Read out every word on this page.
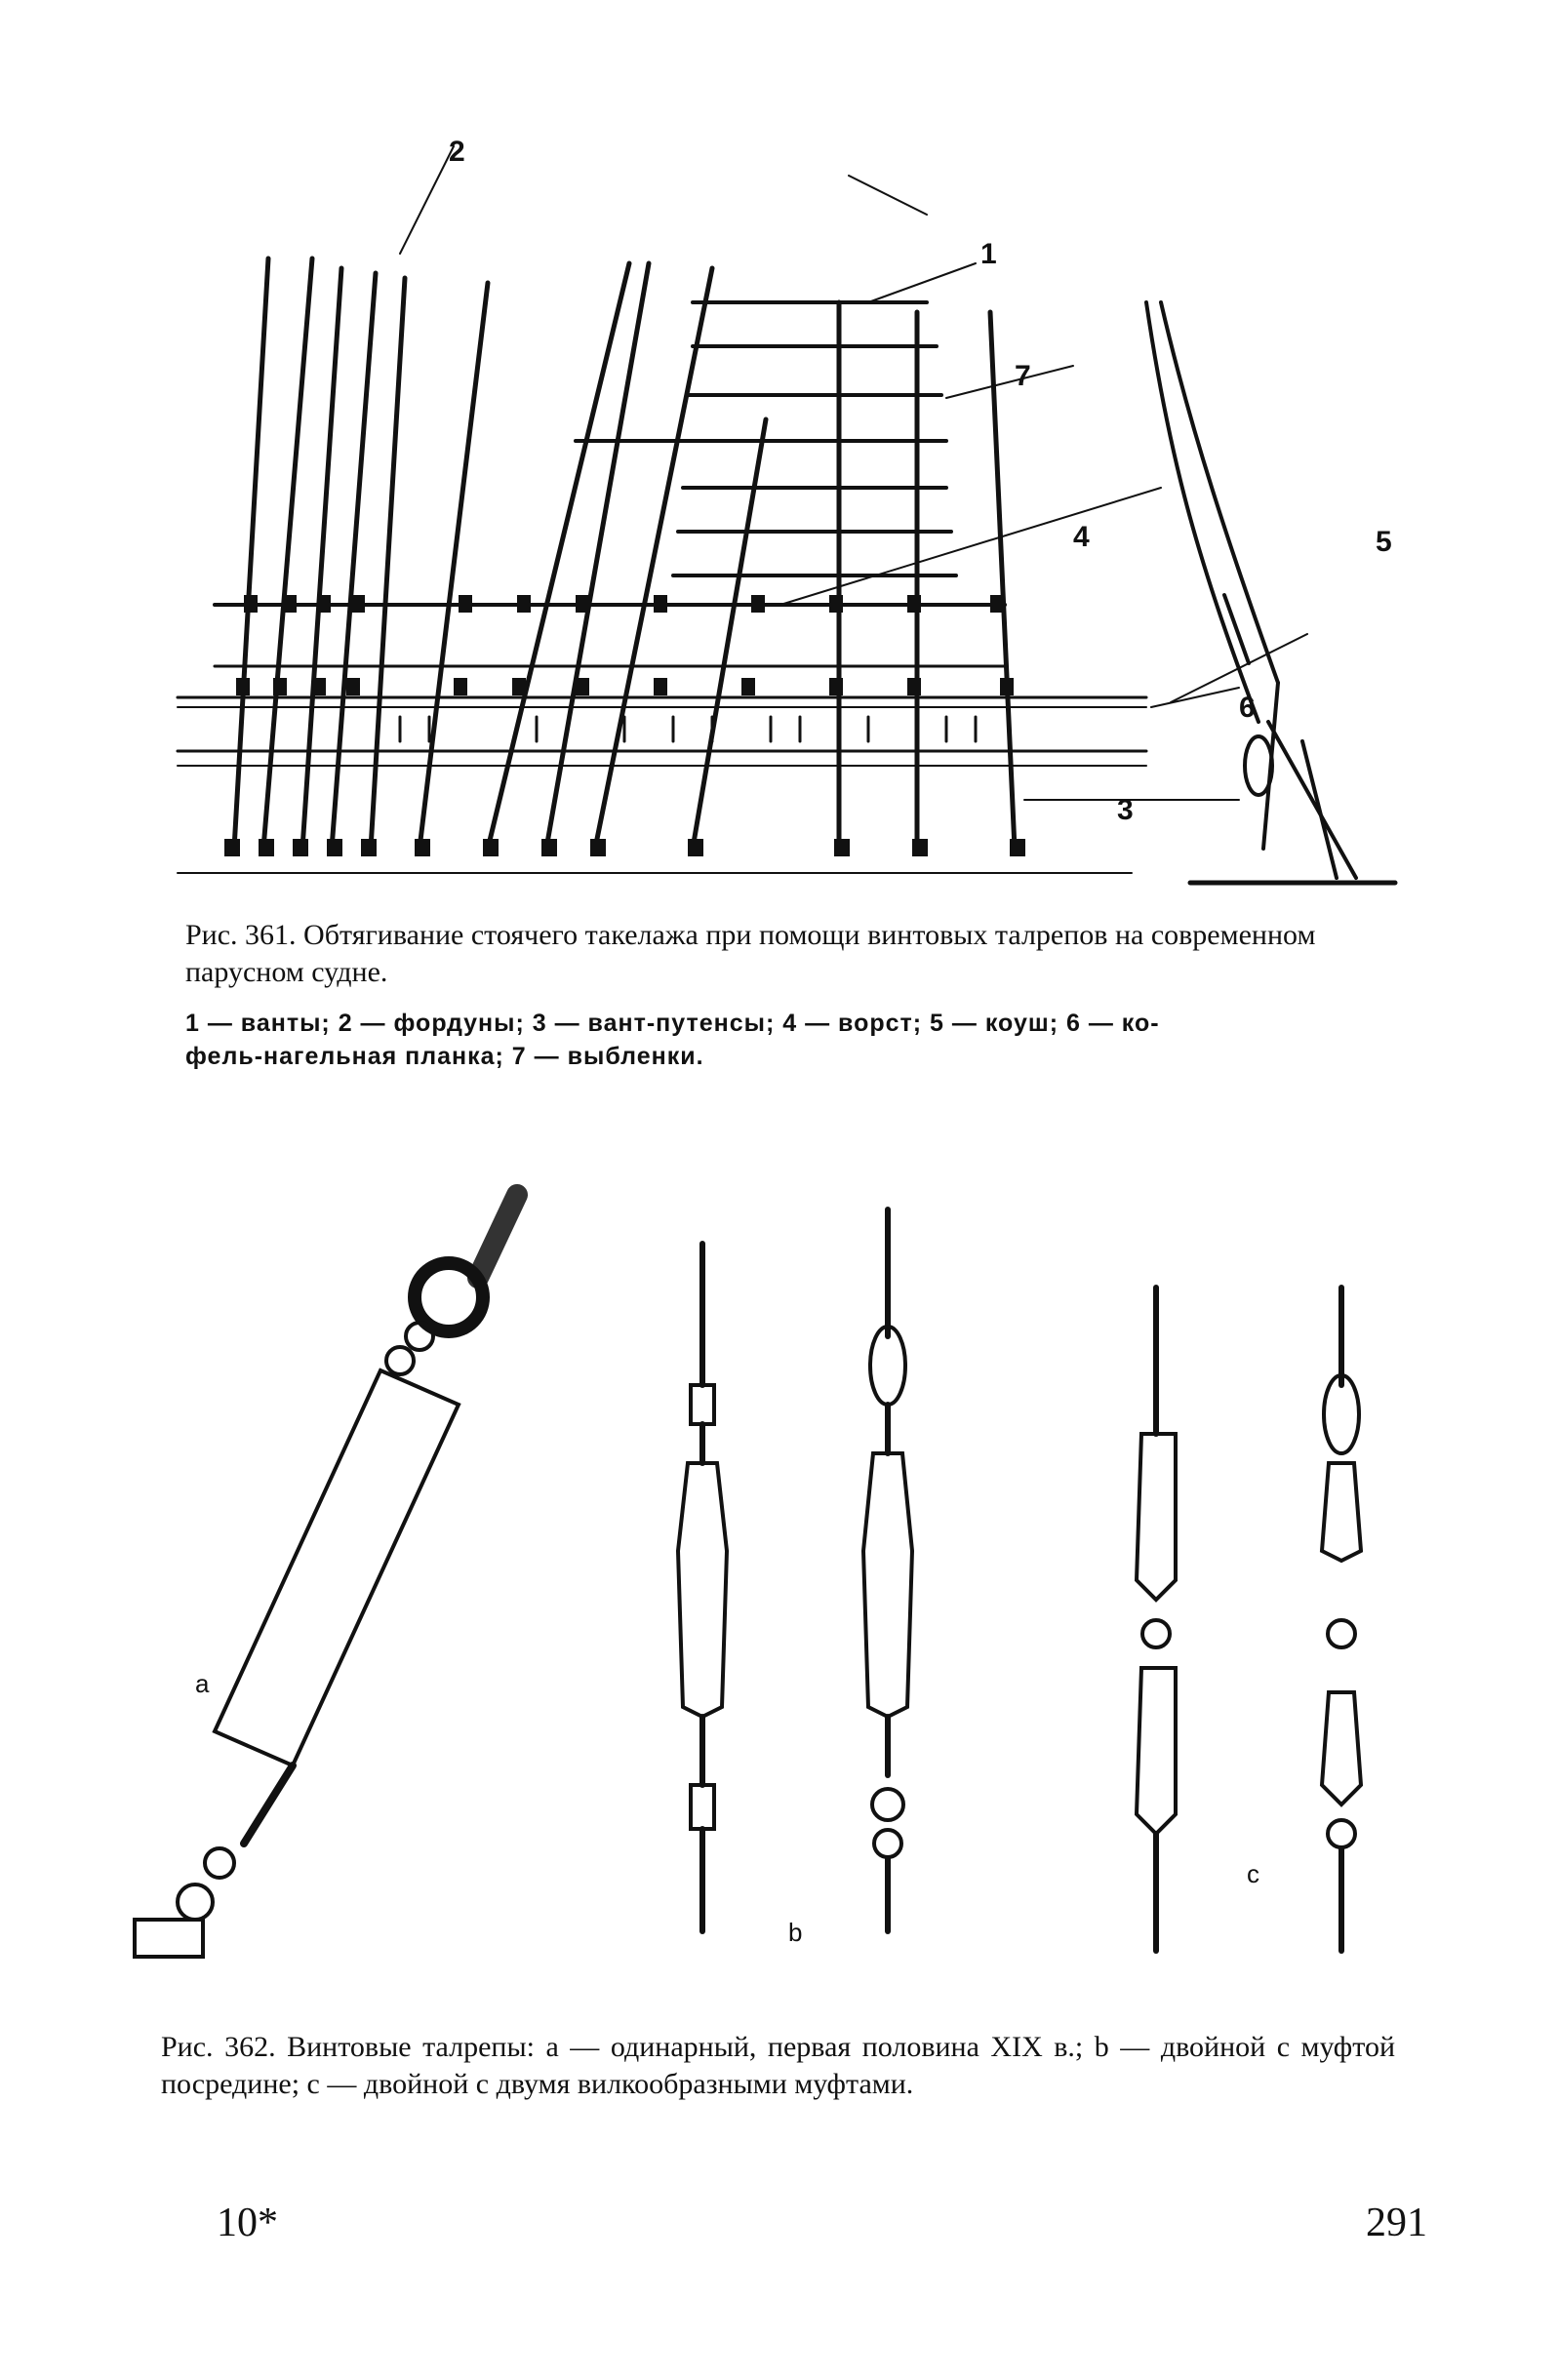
2
1
7
4	5
6
3
Рис. 361. Обтягивание стоячего такелажа при помощи винтовых талрепов на современном парусном судне.
1 — ванты; 2 — фордуны; 3 — вант-путенсы; 4 — ворст; 5 — коуш; 6 — ко-
фель-нагельная планка; 7 — выбленки.
a
b
c
Рис. 362. Винтовые талрепы: а — одинарный, первая половина XIX в.; b — двойной с муфтой посредине; с — двойной с двумя вилкообразными муфтами.
10*	291
